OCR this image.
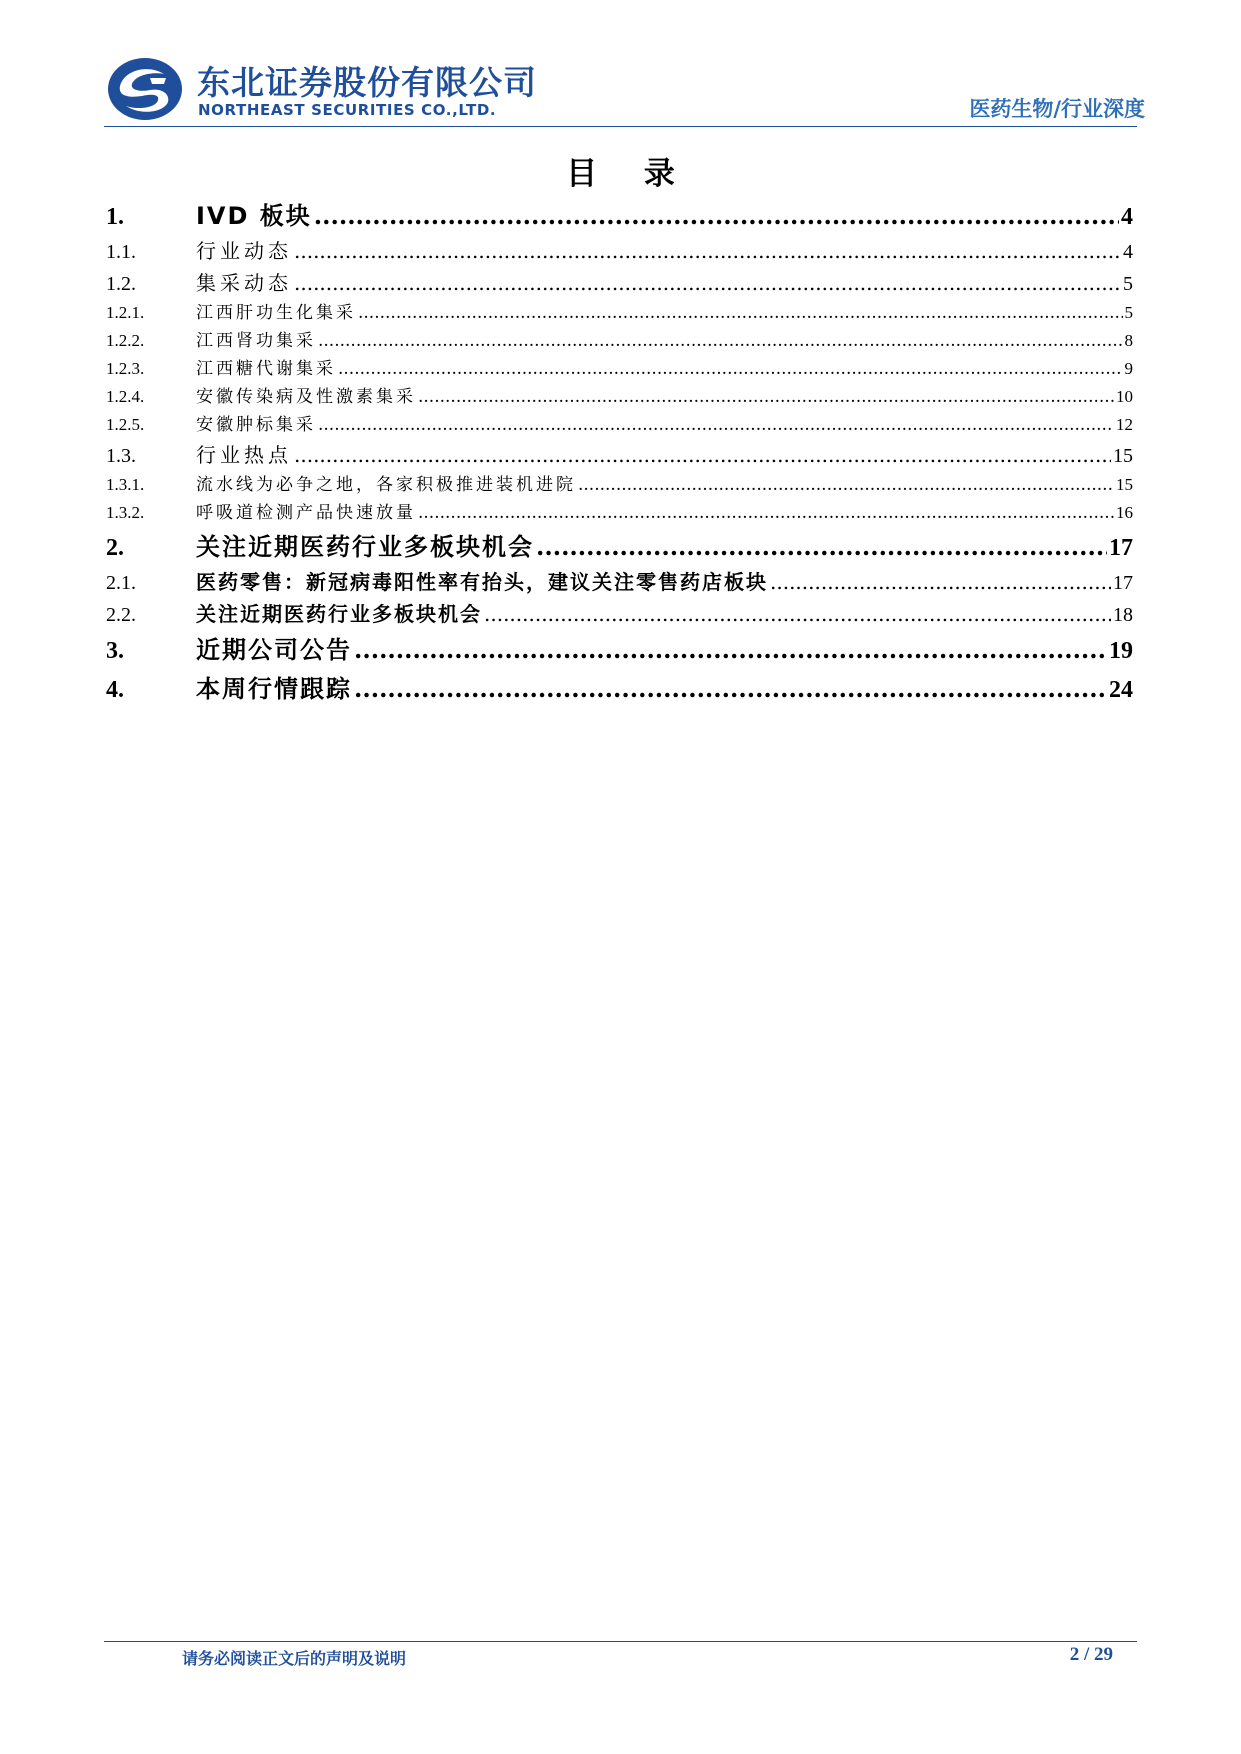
东北证券股份有限公司
NORTHEAST SECURITIES CO.,LTD.	医药生物/行业深度
目 录
1.	IVD 板块 .....	4
1.1.	行业动态 .....	4
1.2.	集采动态 .....	5
1.2.1.	江西肝功生化集采 .....	5
1.2.2.	江西肾功集采 .....	8
1.2.3.	江西糖代谢集采 .....	9
1.2.4.	安徽传染病及性激素集采 .....	10
1.2.5.	安徽肿标集采 .....	12
1.3.	行业热点 .....	15
1.3.1.	流水线为必争之地，各家积极推进装机进院 .....	15
1.3.2.	呼吸道检测产品快速放量 .....	16
2.	关注近期医药行业多板块机会 .....	17
2.1.	医药零售：新冠病毒阳性率有抬头，建议关注零售药店板块 .....	17
2.2.	关注近期医药行业多板块机会 .....	18
3.	近期公司公告 .....	19
4.	本周行情跟踪 .....	24
请务必阅读正文后的声明及说明	2 / 29
